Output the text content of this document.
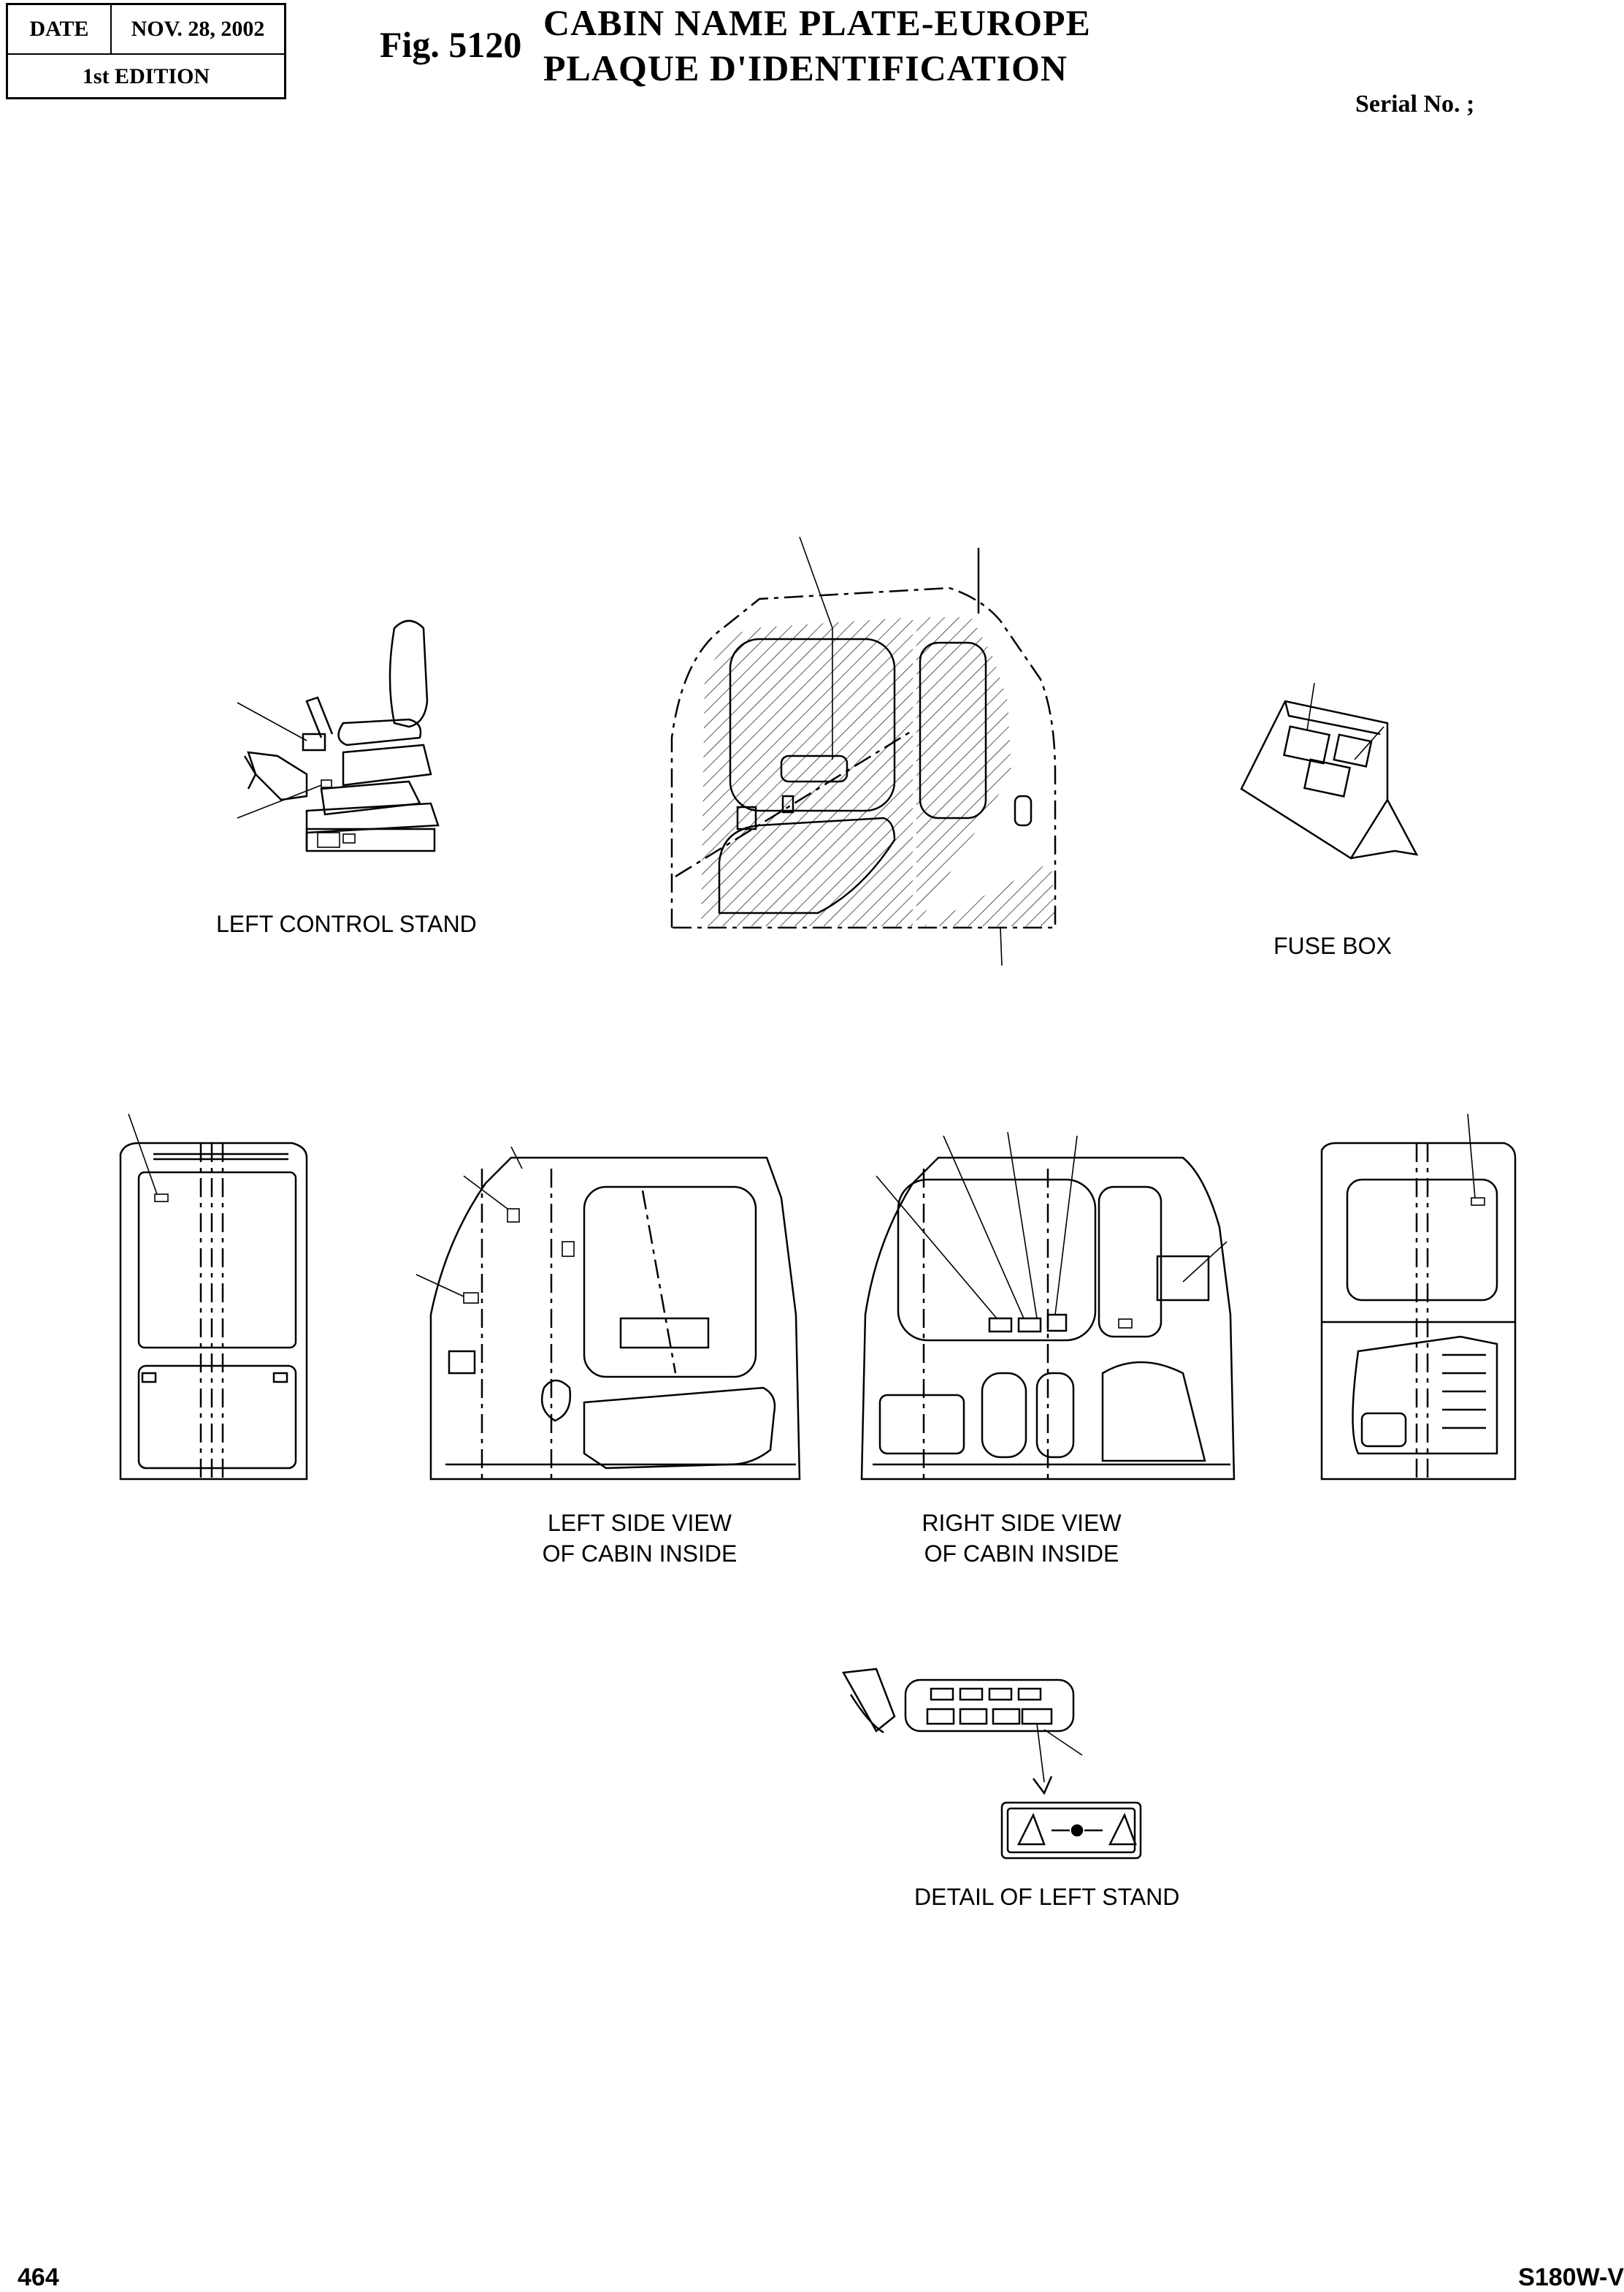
DATE	NOV. 28, 2002
1st EDITION
Fig. 5120
CABIN NAME PLATE-EUROPE
PLAQUE D'IDENTIFICATION
Serial No. ;
LEFT CONTROL STAND
FUSE BOX
LEFT SIDE VIEW
OF CABIN INSIDE
RIGHT SIDE VIEW
OF CABIN INSIDE
DETAIL OF LEFT STAND
464	S180W-V
